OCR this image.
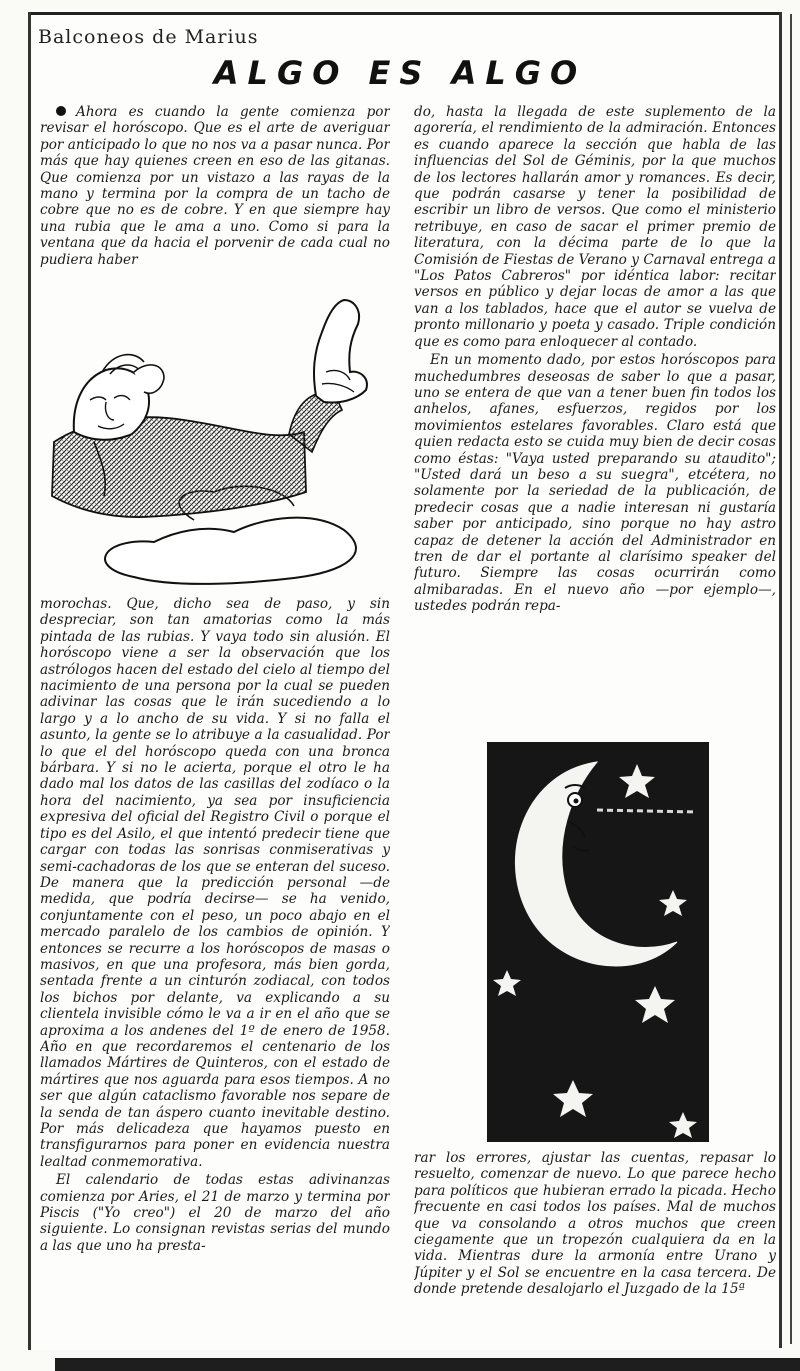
Balconeos de Marius
ALGO ES ALGO

Ahora es cuando la gente comienza por revisar el horóscopo. Que es el arte de averiguar por anticipado lo que no nos va a pasar nunca. Por más que hay quienes creen en eso de las gitanas. Que comienza por un vistazo a las rayas de la mano y termina por la compra de un tacho de cobre que no es de cobre. Y en que siempre hay una rubia que le ama a uno. Como si para la ventana que da hacia el porvenir de cada cual no pudiera haber

morochas. Que, dicho sea de paso, y sin despreciar, son tan amatorias como la más pintada de las rubias. Y vaya todo sin alusión. El horóscopo viene a ser la observación que los astrólogos hacen del estado del cielo al tiempo del nacimiento de una persona por la cual se pueden adivinar las cosas que le irán sucediendo a lo largo y a lo ancho de su vida. Y si no falla el asunto, la gente se lo atribuye a la casualidad. Por lo que el del horóscopo queda con una bronca bárbara. Y si no le acierta, porque el otro le ha dado mal los datos de las casillas del zodíaco o la hora del nacimiento, ya sea por insuficiencia expresiva del oficial del Registro Civil o porque el tipo es del Asilo, el que intentó predecir tiene que cargar con todas las sonrisas conmiserativas y semi-cachadoras de los que se enteran del suceso. De manera que la predicción personal —de medida, que podría decirse— se ha venido, conjuntamente con el peso, un poco abajo en el mercado paralelo de los cambios de opinión. Y entonces se recurre a los horóscopos de masas o masivos, en que una profesora, más bien gorda, sentada frente a un cinturón zodiacal, con todos los bichos por delante, va explicando a su clientela invisible cómo le va a ir en el año que se aproxima a los andenes del 1º de enero de 1958. Año en que recordaremos el centenario de los llamados Mártires de Quinteros, con el estado de mártires que nos aguarda para esos tiempos. A no ser que algún cataclismo favorable nos separe de la senda de tan áspero cuanto inevitable destino. Por más delicadeza que hayamos puesto en transfigurarnos para poner en evidencia nuestra lealtad conmemorativa.

El calendario de todas estas adivinanzas comienza por Aries, el 21 de marzo y termina por Piscis ("Yo creo") el 20 de marzo del año siguiente. Lo consignan revistas serias del mundo a las que uno ha presta-

do, hasta la llegada de este suplemento de la agorería, el rendimiento de la admiración. Entonces es cuando aparece la sección que habla de las influencias del Sol de Géminis, por la que muchos de los lectores hallarán amor y romances. Es decir, que podrán casarse y tener la posibilidad de escribir un libro de versos. Que como el ministerio retribuye, en caso de sacar el primer premio de literatura, con la décima parte de lo que la Comisión de Fiestas de Verano y Carnaval entrega a "Los Patos Cabreros" por idéntica labor: recitar versos en público y dejar locas de amor a las que van a los tablados, hace que el autor se vuelva de pronto millonario y poeta y casado. Triple condición que es como para enloquecer al contado.

En un momento dado, por estos horóscopos para muchedumbres deseosas de saber lo que a pasar, uno se entera de que van a tener buen fin todos los anhelos, afanes, esfuerzos, regidos por los movimientos estelares favorables. Claro está que quien redacta esto se cuida muy bien de decir cosas como éstas: "Vaya usted preparando su ataudito"; "Usted dará un beso a su suegra", etcétera, no solamente por la seriedad de la publicación, de predecir cosas que a nadie interesan ni gustaría saber por anticipado, sino porque no hay astro capaz de detener la acción del Administrador en tren de dar el portante al clarísimo speaker del futuro. Siempre las cosas ocurrirán como almibaradas. En el nuevo año —por ejemplo—, ustedes podrán repa-

rar los errores, ajustar las cuentas, repasar lo resuelto, comenzar de nuevo. Lo que parece hecho para políticos que hubieran errado la picada. Hecho frecuente en casi todos los países. Mal de muchos que va consolando a otros muchos que creen ciegamente que un tropezón cualquiera da en la vida. Mientras dure la armonía entre Urano y Júpiter y el Sol se encuentre en la casa tercera. De donde pretende desalojarlo el Juzgado de la 15ª
